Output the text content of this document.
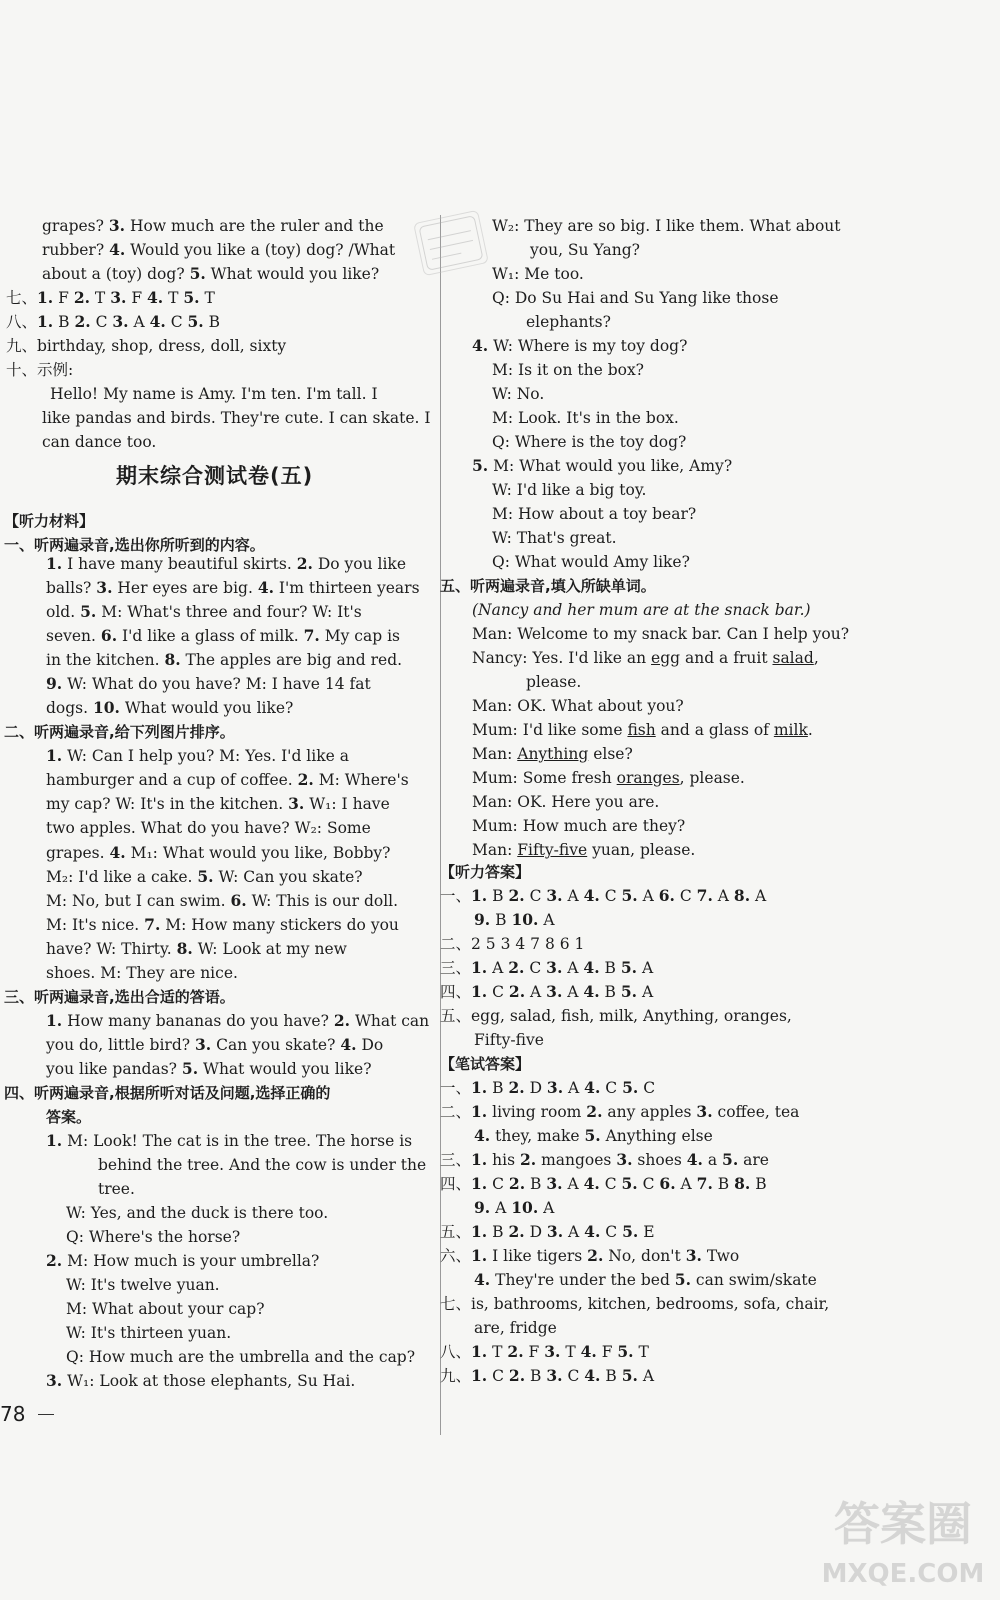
grapes? 3. How much are the ruler and the
rubber? 4. Would you like a (toy) dog? /What
about a (toy) dog? 5. What would you like?
七、1. F 2. T 3. F 4. T 5. T
八、1. B 2. C 3. A 4. C 5. B
九、birthday, shop, dress, doll, sixty
十、示例:
Hello! My name is Amy. I'm ten. I'm tall. I
like pandas and birds. They're cute. I can skate. I
can dance too.
期末综合测试卷(五)
【听力材料】
一、听两遍录音,选出你所听到的内容。
1. I have many beautiful skirts. 2. Do you like
balls? 3. Her eyes are big. 4. I'm thirteen years
old. 5. M: What's three and four? W: It's
seven. 6. I'd like a glass of milk. 7. My cap is
in the kitchen. 8. The apples are big and red.
9. W: What do you have? M: I have 14 fat
dogs. 10. What would you like?
二、听两遍录音,给下列图片排序。
1. W: Can I help you? M: Yes. I'd like a
hamburger and a cup of coffee. 2. M: Where's
my cap? W: It's in the kitchen. 3. W₁: I have
two apples. What do you have? W₂: Some
grapes. 4. M₁: What would you like, Bobby?
M₂: I'd like a cake. 5. W: Can you skate?
M: No, but I can swim. 6. W: This is our doll.
M: It's nice. 7. M: How many stickers do you
have? W: Thirty. 8. W: Look at my new
shoes. M: They are nice.
三、听两遍录音,选出合适的答语。
1. How many bananas do you have? 2. What can
you do, little bird? 3. Can you skate? 4. Do
you like pandas? 5. What would you like?
四、听两遍录音,根据所听对话及问题,选择正确的
答案。
1. M: Look! The cat is in the tree. The horse is
behind the tree. And the cow is under the
tree.
W: Yes, and the duck is there too.
Q: Where's the horse?
2. M: How much is your umbrella?
W: It's twelve yuan.
M: What about your cap?
W: It's thirteen yuan.
Q: How much are the umbrella and the cap?
3. W₁: Look at those elephants, Su Hai.
W₂: They are so big. I like them. What about
you, Su Yang?
W₁: Me too.
Q: Do Su Hai and Su Yang like those
elephants?
4. W: Where is my toy dog?
M: Is it on the box?
W: No.
M: Look. It's in the box.
Q: Where is the toy dog?
5. M: What would you like, Amy?
W: I'd like a big toy.
M: How about a toy bear?
W: That's great.
Q: What would Amy like?
五、听两遍录音,填入所缺单词。
(Nancy and her mum are at the snack bar.)
Man: Welcome to my snack bar. Can I help you?
Nancy: Yes. I'd like an egg and a fruit salad,
please.
Man: OK. What about you?
Mum: I'd like some fish and a glass of milk.
Man: Anything else?
Mum: Some fresh oranges, please.
Man: OK. Here you are.
Mum: How much are they?
Man: Fifty-five yuan, please.
【听力答案】
一、1. B 2. C 3. A 4. C 5. A 6. C 7. A 8. A
9. B 10. A
二、2 5 3 4 7 8 6 1
三、1. A 2. C 3. A 4. B 5. A
四、1. C 2. A 3. A 4. B 5. A
五、egg, salad, fish, milk, Anything, oranges,
Fifty-five
【笔试答案】
一、1. B 2. D 3. A 4. C 5. C
二、1. living room 2. any apples 3. coffee, tea
4. they, make 5. Anything else
三、1. his 2. mangoes 3. shoes 4. a 5. are
四、1. C 2. B 3. A 4. C 5. C 6. A 7. B 8. B
9. A 10. A
五、1. B 2. D 3. A 4. C 5. E
六、1. I like tigers 2. No, don't 3. Two
4. They're under the bed 5. can swim/skate
七、is, bathrooms, kitchen, bedrooms, sofa, chair,
are, fridge
八、1. T 2. F 3. T 4. F 5. T
九、1. C 2. B 3. C 4. B 5. A
78
答案圈
MXQE.COM
